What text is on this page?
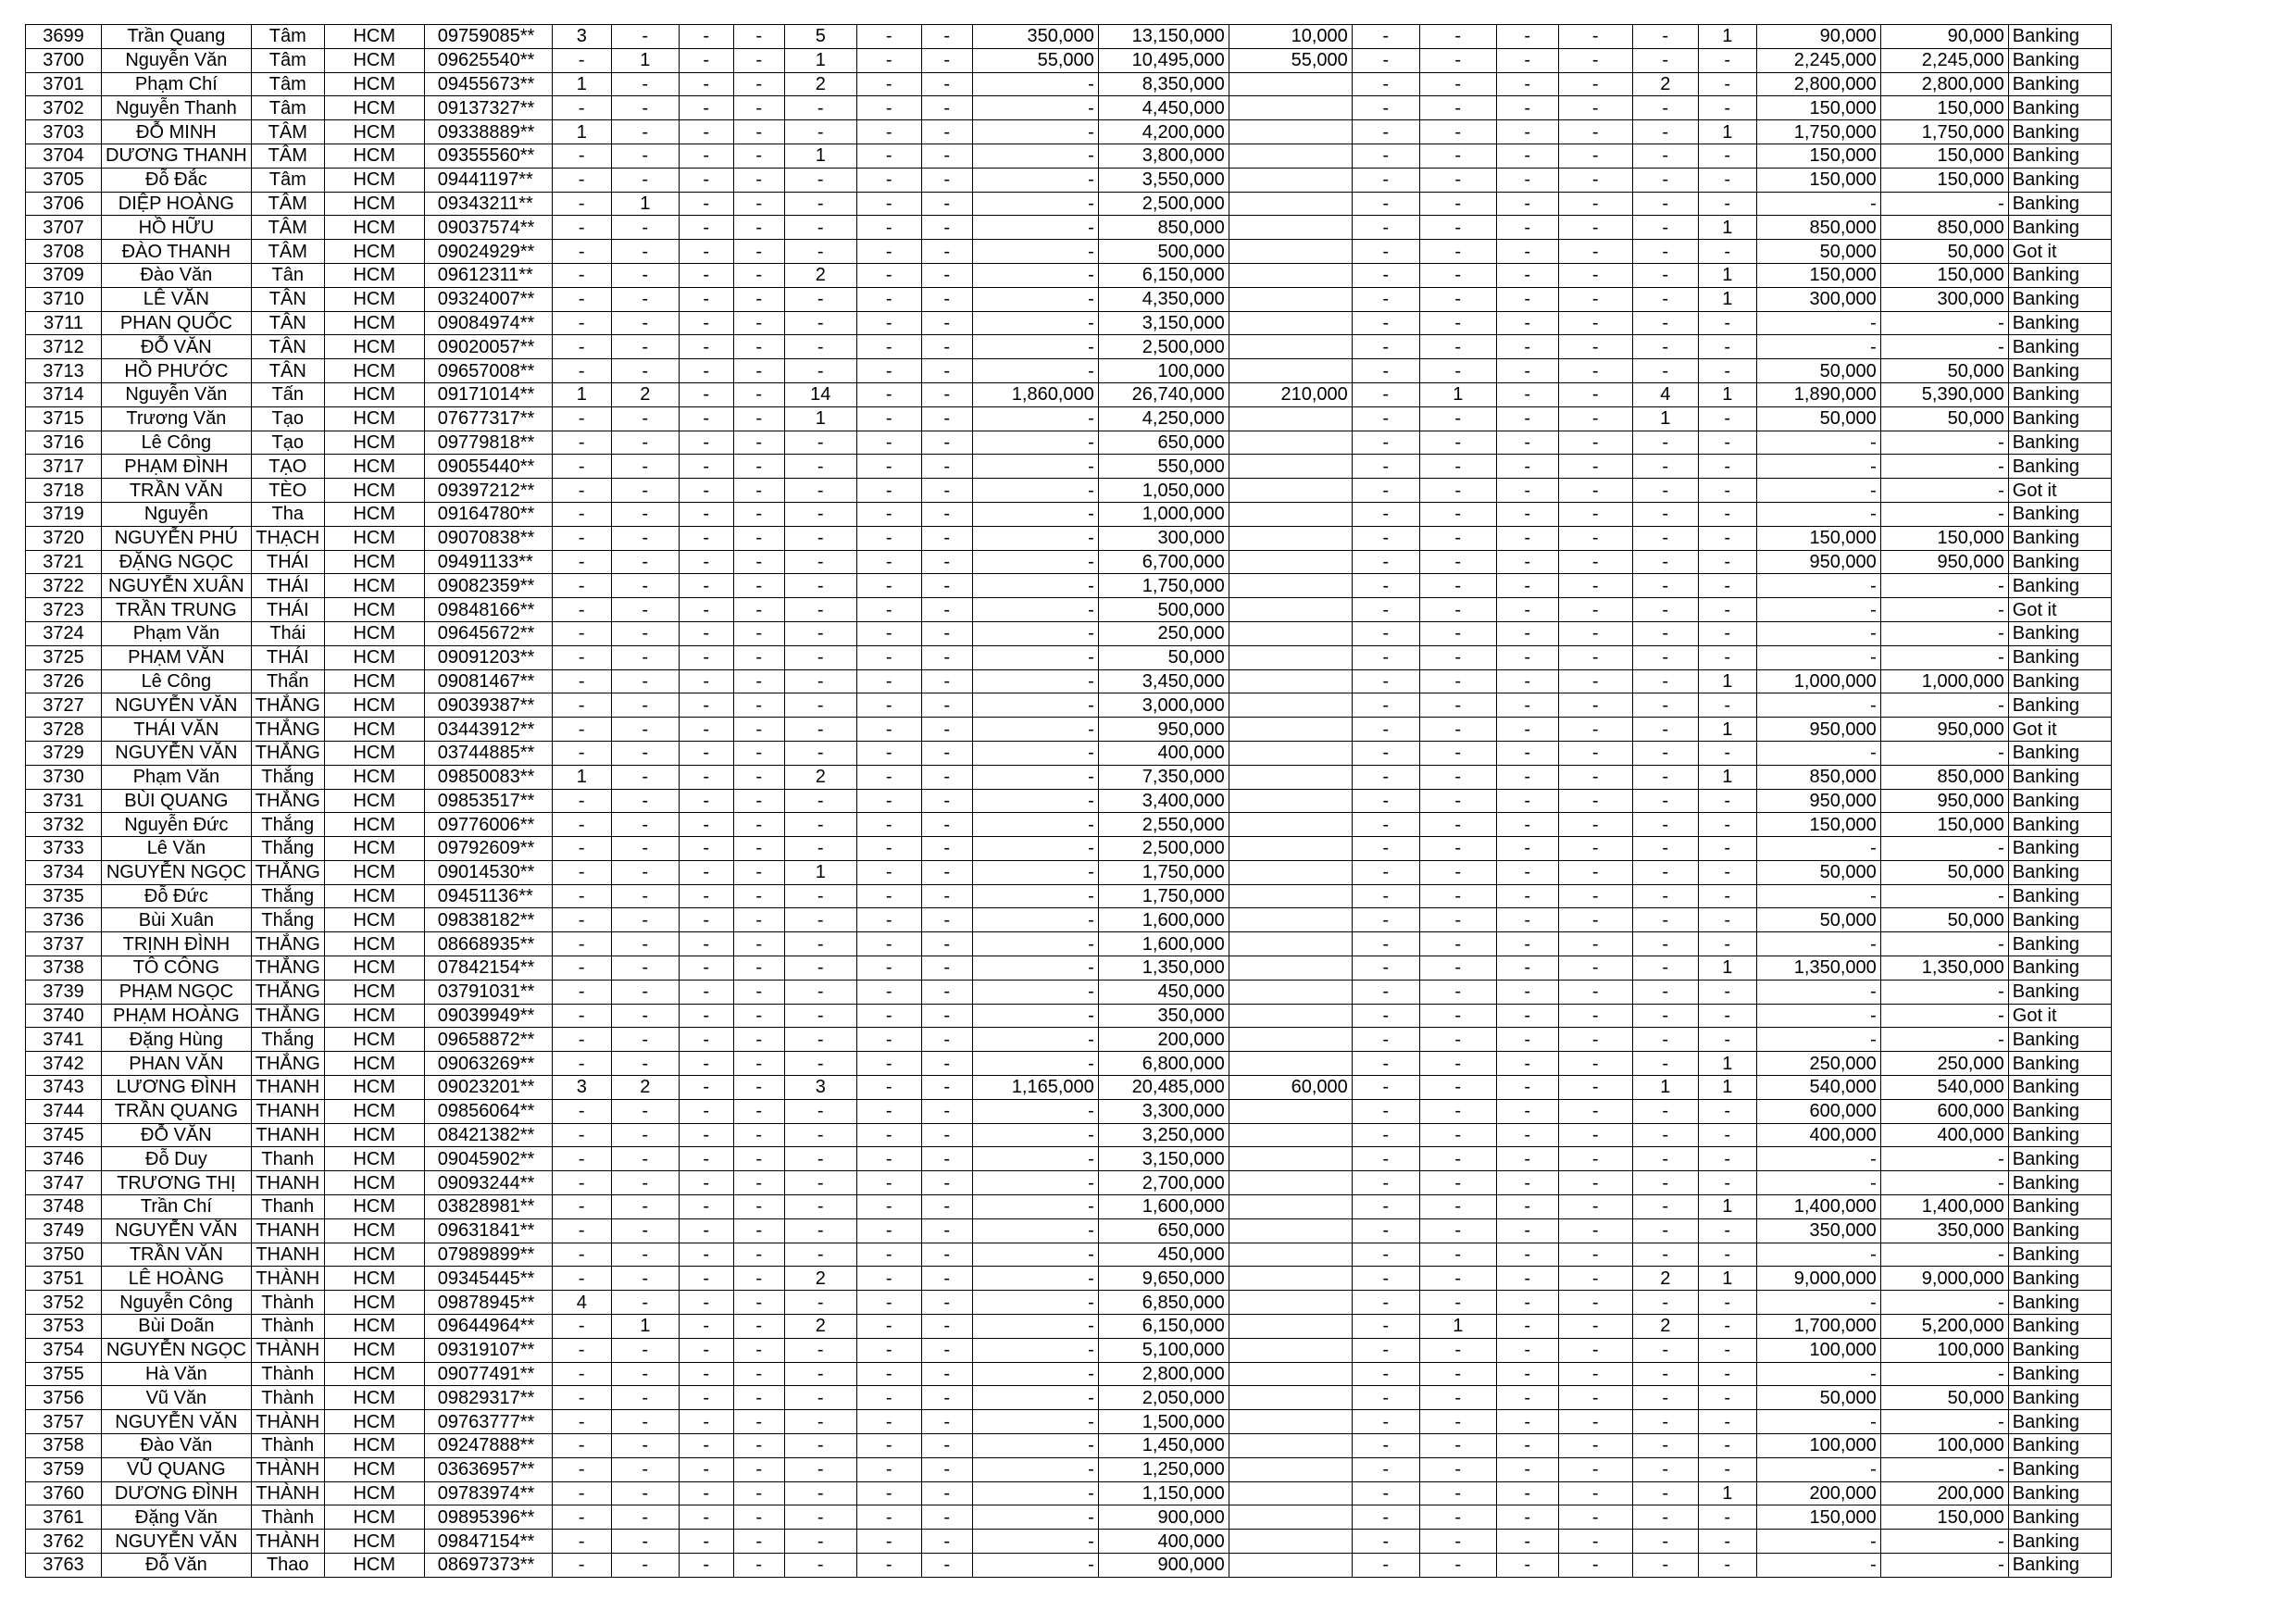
3699	Trần Quang	Tâm	HCM	09759085**	3	-	-	-	5	-	-	350,000	13,150,000	10,000	-	-	-	-	-	1	90,000	90,000	Banking
3700	Nguyễn Văn	Tâm	HCM	09625540**	-	1	-	-	1	-	-	55,000	10,495,000	55,000	-	-	-	-	-	-	2,245,000	2,245,000	Banking
3701	Phạm Chí	Tâm	HCM	09455673**	1	-	-	-	2	-	-	-	8,350,000		-	-	-	-	2	-	2,800,000	2,800,000	Banking
3702	Nguyễn Thanh	Tâm	HCM	09137327**	-	-	-	-	-	-	-	-	4,450,000		-	-	-	-	-	-	150,000	150,000	Banking
3703	ĐỖ MINH	TÂM	HCM	09338889**	1	-	-	-	-	-	-	-	4,200,000		-	-	-	-	-	1	1,750,000	1,750,000	Banking
3704	DƯƠNG THANH	TÂM	HCM	09355560**	-	-	-	-	1	-	-	-	3,800,000		-	-	-	-	-	-	150,000	150,000	Banking
3705	Đỗ Đắc	Tâm	HCM	09441197**	-	-	-	-	-	-	-	-	3,550,000		-	-	-	-	-	-	150,000	150,000	Banking
3706	DIỆP HOÀNG	TÂM	HCM	09343211**	-	1	-	-	-	-	-	-	2,500,000		-	-	-	-	-	-	-	-	Banking
3707	HỒ HỮU	TÂM	HCM	09037574**	-	-	-	-	-	-	-	-	850,000		-	-	-	-	-	1	850,000	850,000	Banking
3708	ĐÀO THANH	TÂM	HCM	09024929**	-	-	-	-	-	-	-	-	500,000		-	-	-	-	-	-	50,000	50,000	Got it
3709	Đào Văn	Tân	HCM	09612311**	-	-	-	-	2	-	-	-	6,150,000		-	-	-	-	-	1	150,000	150,000	Banking
3710	LÊ VĂN	TÂN	HCM	09324007**	-	-	-	-	-	-	-	-	4,350,000		-	-	-	-	-	1	300,000	300,000	Banking
3711	PHAN QUỐC	TÂN	HCM	09084974**	-	-	-	-	-	-	-	-	3,150,000		-	-	-	-	-	-	-	-	Banking
3712	ĐỖ VĂN	TÂN	HCM	09020057**	-	-	-	-	-	-	-	-	2,500,000		-	-	-	-	-	-	-	-	Banking
3713	HỒ PHƯỚC	TÂN	HCM	09657008**	-	-	-	-	-	-	-	-	100,000		-	-	-	-	-	-	50,000	50,000	Banking
3714	Nguyễn Văn	Tấn	HCM	09171014**	1	2	-	-	14	-	-	1,860,000	26,740,000	210,000	-	1	-	-	4	1	1,890,000	5,390,000	Banking
3715	Trương Văn	Tạo	HCM	07677317**	-	-	-	-	1	-	-	-	4,250,000		-	-	-	-	1	-	50,000	50,000	Banking
3716	Lê Công	Tạo	HCM	09779818**	-	-	-	-	-	-	-	-	650,000		-	-	-	-	-	-	-	-	Banking
3717	PHẠM ĐÌNH	TẠO	HCM	09055440**	-	-	-	-	-	-	-	-	550,000		-	-	-	-	-	-	-	-	Banking
3718	TRẦN VĂN	TÈO	HCM	09397212**	-	-	-	-	-	-	-	-	1,050,000		-	-	-	-	-	-	-	-	Got it
3719	Nguyễn	Tha	HCM	09164780**	-	-	-	-	-	-	-	-	1,000,000		-	-	-	-	-	-	-	-	Banking
3720	NGUYỄN PHÚ	THẠCH	HCM	09070838**	-	-	-	-	-	-	-	-	300,000		-	-	-	-	-	-	150,000	150,000	Banking
3721	ĐẶNG NGỌC	THÁI	HCM	09491133**	-	-	-	-	-	-	-	-	6,700,000		-	-	-	-	-	-	950,000	950,000	Banking
3722	NGUYỄN XUÂN	THÁI	HCM	09082359**	-	-	-	-	-	-	-	-	1,750,000		-	-	-	-	-	-	-	-	Banking
3723	TRẦN TRUNG	THÁI	HCM	09848166**	-	-	-	-	-	-	-	-	500,000		-	-	-	-	-	-	-	-	Got it
3724	Phạm Văn	Thái	HCM	09645672**	-	-	-	-	-	-	-	-	250,000		-	-	-	-	-	-	-	-	Banking
3725	PHẠM VĂN	THÁI	HCM	09091203**	-	-	-	-	-	-	-	-	50,000		-	-	-	-	-	-	-	-	Banking
3726	Lê Công	Thẩn	HCM	09081467**	-	-	-	-	-	-	-	-	3,450,000		-	-	-	-	-	1	1,000,000	1,000,000	Banking
3727	NGUYỄN VĂN	THẮNG	HCM	09039387**	-	-	-	-	-	-	-	-	3,000,000		-	-	-	-	-	-	-	-	Banking
3728	THÁI VĂN	THẮNG	HCM	03443912**	-	-	-	-	-	-	-	-	950,000		-	-	-	-	-	1	950,000	950,000	Got it
3729	NGUYỄN VĂN	THẮNG	HCM	03744885**	-	-	-	-	-	-	-	-	400,000		-	-	-	-	-	-	-	-	Banking
3730	Phạm Văn	Thắng	HCM	09850083**	1	-	-	-	2	-	-	-	7,350,000		-	-	-	-	-	1	850,000	850,000	Banking
3731	BÙI QUANG	THẮNG	HCM	09853517**	-	-	-	-	-	-	-	-	3,400,000		-	-	-	-	-	-	950,000	950,000	Banking
3732	Nguyễn Đức	Thắng	HCM	09776006**	-	-	-	-	-	-	-	-	2,550,000		-	-	-	-	-	-	150,000	150,000	Banking
3733	Lê Văn	Thắng	HCM	09792609**	-	-	-	-	-	-	-	-	2,500,000		-	-	-	-	-	-	-	-	Banking
3734	NGUYỄN NGỌC	THẮNG	HCM	09014530**	-	-	-	-	1	-	-	-	1,750,000		-	-	-	-	-	-	50,000	50,000	Banking
3735	Đỗ Đức	Thắng	HCM	09451136**	-	-	-	-	-	-	-	-	1,750,000		-	-	-	-	-	-	-	-	Banking
3736	Bùi Xuân	Thắng	HCM	09838182**	-	-	-	-	-	-	-	-	1,600,000		-	-	-	-	-	-	50,000	50,000	Banking
3737	TRỊNH ĐÌNH	THẮNG	HCM	08668935**	-	-	-	-	-	-	-	-	1,600,000		-	-	-	-	-	-	-	-	Banking
3738	TÔ CÔNG	THẮNG	HCM	07842154**	-	-	-	-	-	-	-	-	1,350,000		-	-	-	-	-	1	1,350,000	1,350,000	Banking
3739	PHẠM NGỌC	THẮNG	HCM	03791031**	-	-	-	-	-	-	-	-	450,000		-	-	-	-	-	-	-	-	Banking
3740	PHẠM HOÀNG	THẮNG	HCM	09039949**	-	-	-	-	-	-	-	-	350,000		-	-	-	-	-	-	-	-	Got it
3741	Đặng Hùng	Thắng	HCM	09658872**	-	-	-	-	-	-	-	-	200,000		-	-	-	-	-	-	-	-	Banking
3742	PHAN VĂN	THẮNG	HCM	09063269**	-	-	-	-	-	-	-	-	6,800,000		-	-	-	-	-	1	250,000	250,000	Banking
3743	LƯƠNG ĐÌNH	THANH	HCM	09023201**	3	2	-	-	3	-	-	1,165,000	20,485,000	60,000	-	-	-	-	1	1	540,000	540,000	Banking
3744	TRẦN QUANG	THANH	HCM	09856064**	-	-	-	-	-	-	-	-	3,300,000		-	-	-	-	-	-	600,000	600,000	Banking
3745	ĐỖ VĂN	THANH	HCM	08421382**	-	-	-	-	-	-	-	-	3,250,000		-	-	-	-	-	-	400,000	400,000	Banking
3746	Đỗ Duy	Thanh	HCM	09045902**	-	-	-	-	-	-	-	-	3,150,000		-	-	-	-	-	-	-	-	Banking
3747	TRƯƠNG THỊ	THANH	HCM	09093244**	-	-	-	-	-	-	-	-	2,700,000		-	-	-	-	-	-	-	-	Banking
3748	Trần Chí	Thanh	HCM	03828981**	-	-	-	-	-	-	-	-	1,600,000		-	-	-	-	-	1	1,400,000	1,400,000	Banking
3749	NGUYỄN VĂN	THANH	HCM	09631841**	-	-	-	-	-	-	-	-	650,000		-	-	-	-	-	-	350,000	350,000	Banking
3750	TRẦN VĂN	THANH	HCM	07989899**	-	-	-	-	-	-	-	-	450,000		-	-	-	-	-	-	-	-	Banking
3751	LÊ HOÀNG	THÀNH	HCM	09345445**	-	-	-	-	2	-	-	-	9,650,000		-	-	-	-	2	1	9,000,000	9,000,000	Banking
3752	Nguyễn Công	Thành	HCM	09878945**	4	-	-	-	-	-	-	-	6,850,000		-	-	-	-	-	-	-	-	Banking
3753	Bùi Doãn	Thành	HCM	09644964**	-	1	-	-	2	-	-	-	6,150,000		-	1	-	-	2	-	1,700,000	5,200,000	Banking
3754	NGUYỄN NGỌC	THÀNH	HCM	09319107**	-	-	-	-	-	-	-	-	5,100,000		-	-	-	-	-	-	100,000	100,000	Banking
3755	Hà Văn	Thành	HCM	09077491**	-	-	-	-	-	-	-	-	2,800,000		-	-	-	-	-	-	-	-	Banking
3756	Vũ Văn	Thành	HCM	09829317**	-	-	-	-	-	-	-	-	2,050,000		-	-	-	-	-	-	50,000	50,000	Banking
3757	NGUYỄN VĂN	THÀNH	HCM	09763777**	-	-	-	-	-	-	-	-	1,500,000		-	-	-	-	-	-	-	-	Banking
3758	Đào Văn	Thành	HCM	09247888**	-	-	-	-	-	-	-	-	1,450,000		-	-	-	-	-	-	100,000	100,000	Banking
3759	VŨ QUANG	THÀNH	HCM	03636957**	-	-	-	-	-	-	-	-	1,250,000		-	-	-	-	-	-	-	-	Banking
3760	DƯƠNG ĐÌNH	THÀNH	HCM	09783974**	-	-	-	-	-	-	-	-	1,150,000		-	-	-	-	-	1	200,000	200,000	Banking
3761	Đặng Văn	Thành	HCM	09895396**	-	-	-	-	-	-	-	-	900,000		-	-	-	-	-	-	150,000	150,000	Banking
3762	NGUYỄN VĂN	THÀNH	HCM	09847154**	-	-	-	-	-	-	-	-	400,000		-	-	-	-	-	-	-	-	Banking
3763	Đỗ Văn	Thao	HCM	08697373**	-	-	-	-	-	-	-	-	900,000		-	-	-	-	-	-	-	-	Banking
